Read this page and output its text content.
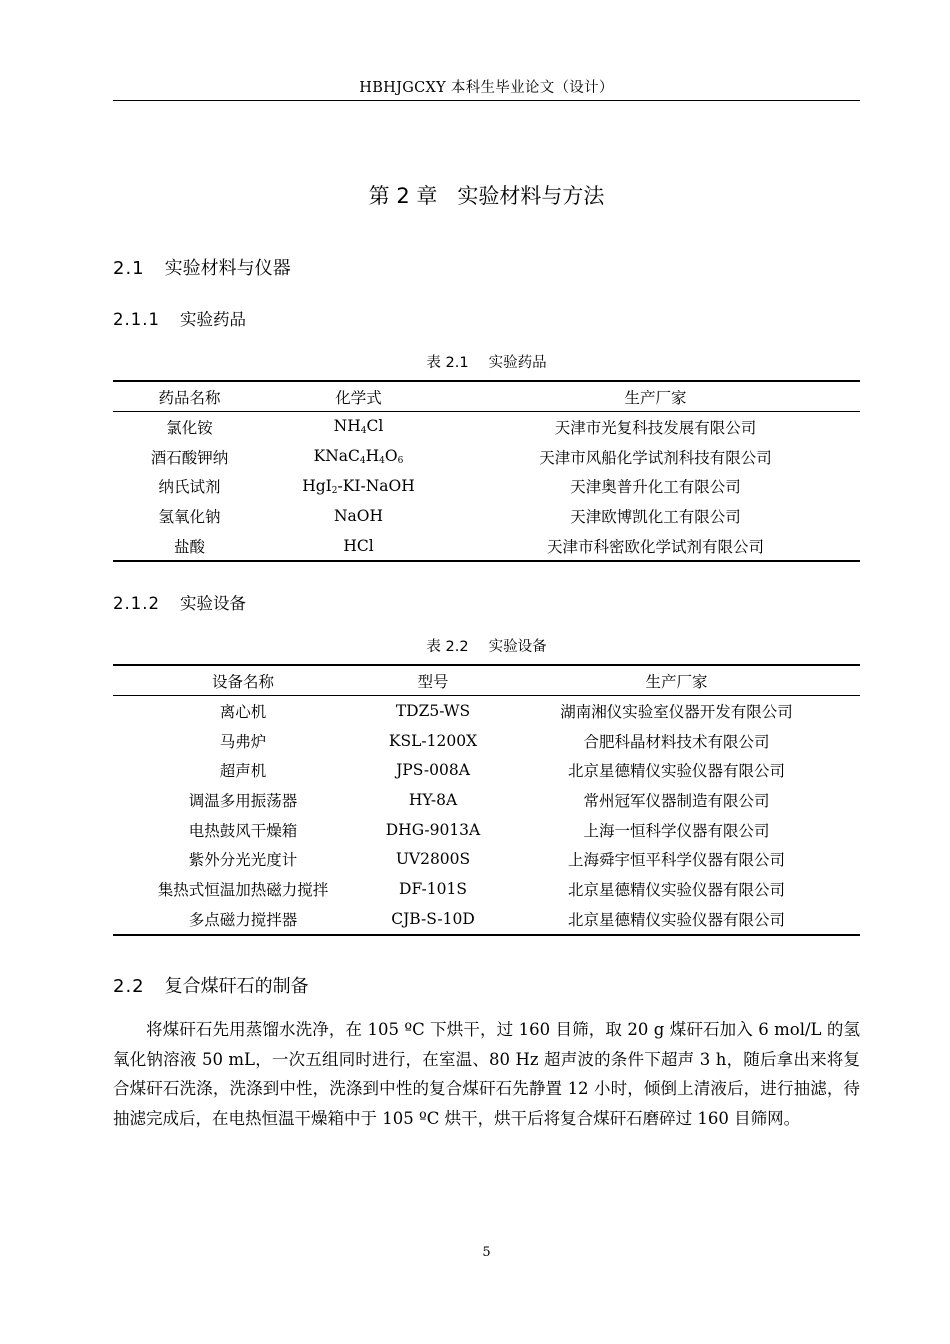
HBHJGCXY 本科生毕业论文（设计）
第 2 章 实验材料与方法
2.1 实验材料与仪器
2.1.1 实验药品
表 2.1 实验药品
药品名称	化学式	生产厂家
氯化铵	$NH_4Cl$	天津市光复科技发展有限公司
酒石酸钾纳	$KNaC_4H_4O_6$	天津市风船化学试剂科技有限公司
纳氏试剂	HgI$_2$-KI-NaOH	天津奥普升化工有限公司
氢氧化钠	NaOH	天津欧博凯化工有限公司
盐酸	HCl	天津市科密欧化学试剂有限公司
2.1.2 实验设备
表 2.2 实验设备
设备名称	型号	生产厂家
离心机	TDZ5-WS	湖南湘仪实验室仪器开发有限公司
马弗炉	KSL-1200X	合肥科晶材料技术有限公司
超声机	JPS-008A	北京星德精仪实验仪器有限公司
调温多用振荡器	HY-8A	常州冠军仪器制造有限公司
电热鼓风干燥箱	DHG-9013A	上海一恒科学仪器有限公司
紫外分光光度计	UV2800S	上海舜宇恒平科学仪器有限公司
集热式恒温加热磁力搅拌	DF-101S	北京星德精仪实验仪器有限公司
多点磁力搅拌器	CJB-S-10D	北京星德精仪实验仪器有限公司
2.2 复合煤矸石的制备

将煤矸石先用蒸馏水洗净，在 105 ºC 下烘干，过 160 目筛，取 20 g 煤矸石加入 6 mol/L 的氢氧化钠溶液 50 mL，一次五组同时进行，在室温、80 Hz 超声波的条件下超声 3 h，随后拿出来将复合煤矸石洗涤，洗涤到中性，洗涤到中性的复合煤矸石先静置 12 小时，倾倒上清液后，进行抽滤，待抽滤完成后，在电热恒温干燥箱中于 105 ºC 烘干，烘干后将复合煤矸石磨碎过 160 目筛网。

5
